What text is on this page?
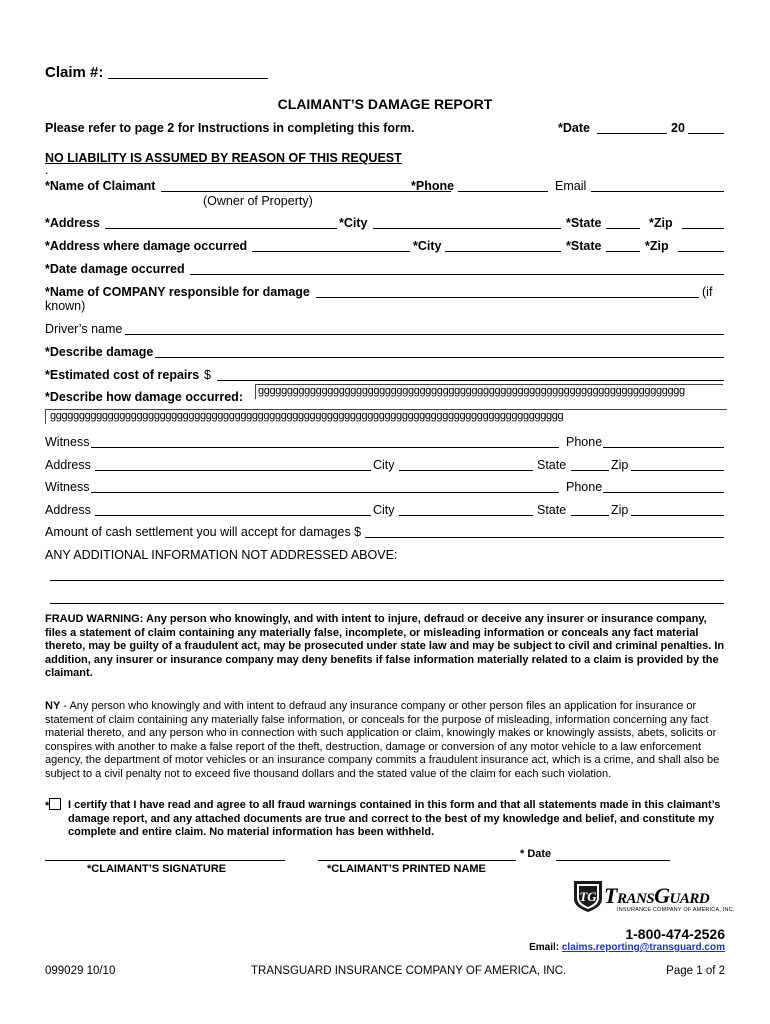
Claim #:
CLAIMANT’S DAMAGE REPORT
Please refer to page 2 for Instructions in completing this form.	*Date	20
NO LIABILITY IS ASSUMED BY REASON OF THIS REQUEST
.
*Name of Claimant	*Phone	Email
(Owner of Property)
*Address	*City	*State	*Zip
*Address where damage occurred	*City	*State	*Zip
*Date damage occurred
*Name of COMPANY responsible for damage	(if
known)
Driver’s name
*Describe damage
*Estimated cost of repairs $
*Describe how damage occurred: gggggggggggggggggggggggggggggggggggggggggggggggggggggggggggggggggggggggggg
ggggggggggggggggggggggggggggggggggggggggggggggggggggggggggggggggggggggggggggggggggggggggg
Witness	Phone
Address	City	State	Zip
Witness	Phone
Address	City	State	Zip
Amount of cash settlement you will accept for damages $
ANY ADDITIONAL INFORMATION NOT ADDRESSED ABOVE:
FRAUD WARNING: Any person who knowingly, and with intent to injure, defraud or deceive any insurer or insurance company, files a statement of claim containing any materially false, incomplete, or misleading information or conceals any fact material thereto, may be guilty of a fraudulent act, may be prosecuted under state law and may be subject to civil and criminal penalties. In addition, any insurer or insurance company may deny benefits if false information materially related to a claim is provided by the claimant.
NY - Any person who knowingly and with intent to defraud any insurance company or other person files an application for insurance or statement of claim containing any materially false information, or conceals for the purpose of misleading, information concerning any fact material thereto, and any person who in connection with such application or claim, knowingly makes or knowingly assists, abets, solicits or conspires with another to make a false report of the theft, destruction, damage or conversion of any motor vehicle to a law enforcement agency, the department of motor vehicles or an insurance company commits a fraudulent insurance act, which is a crime, and shall also be subject to a civil penalty not to exceed five thousand dollars and the stated value of the claim for each such violation.
*	I certify that I have read and agree to all fraud warnings contained in this form and that all statements made in this claimant’s damage report, and any attached documents are true and correct to the best of my knowledge and belief, and constitute my complete and entire claim. No material information has been withheld.
* Date
*CLAIMANT’S SIGNATURE	*CLAIMANT’S PRINTED NAME
TG TransGuard
INSURANCE COMPANY OF AMERICA, INC.
1-800-474-2526
Email: claims.reporting@transguard.com
099029 10/10	TRANSGUARD INSURANCE COMPANY OF AMERICA, INC.	Page 1 of 2
